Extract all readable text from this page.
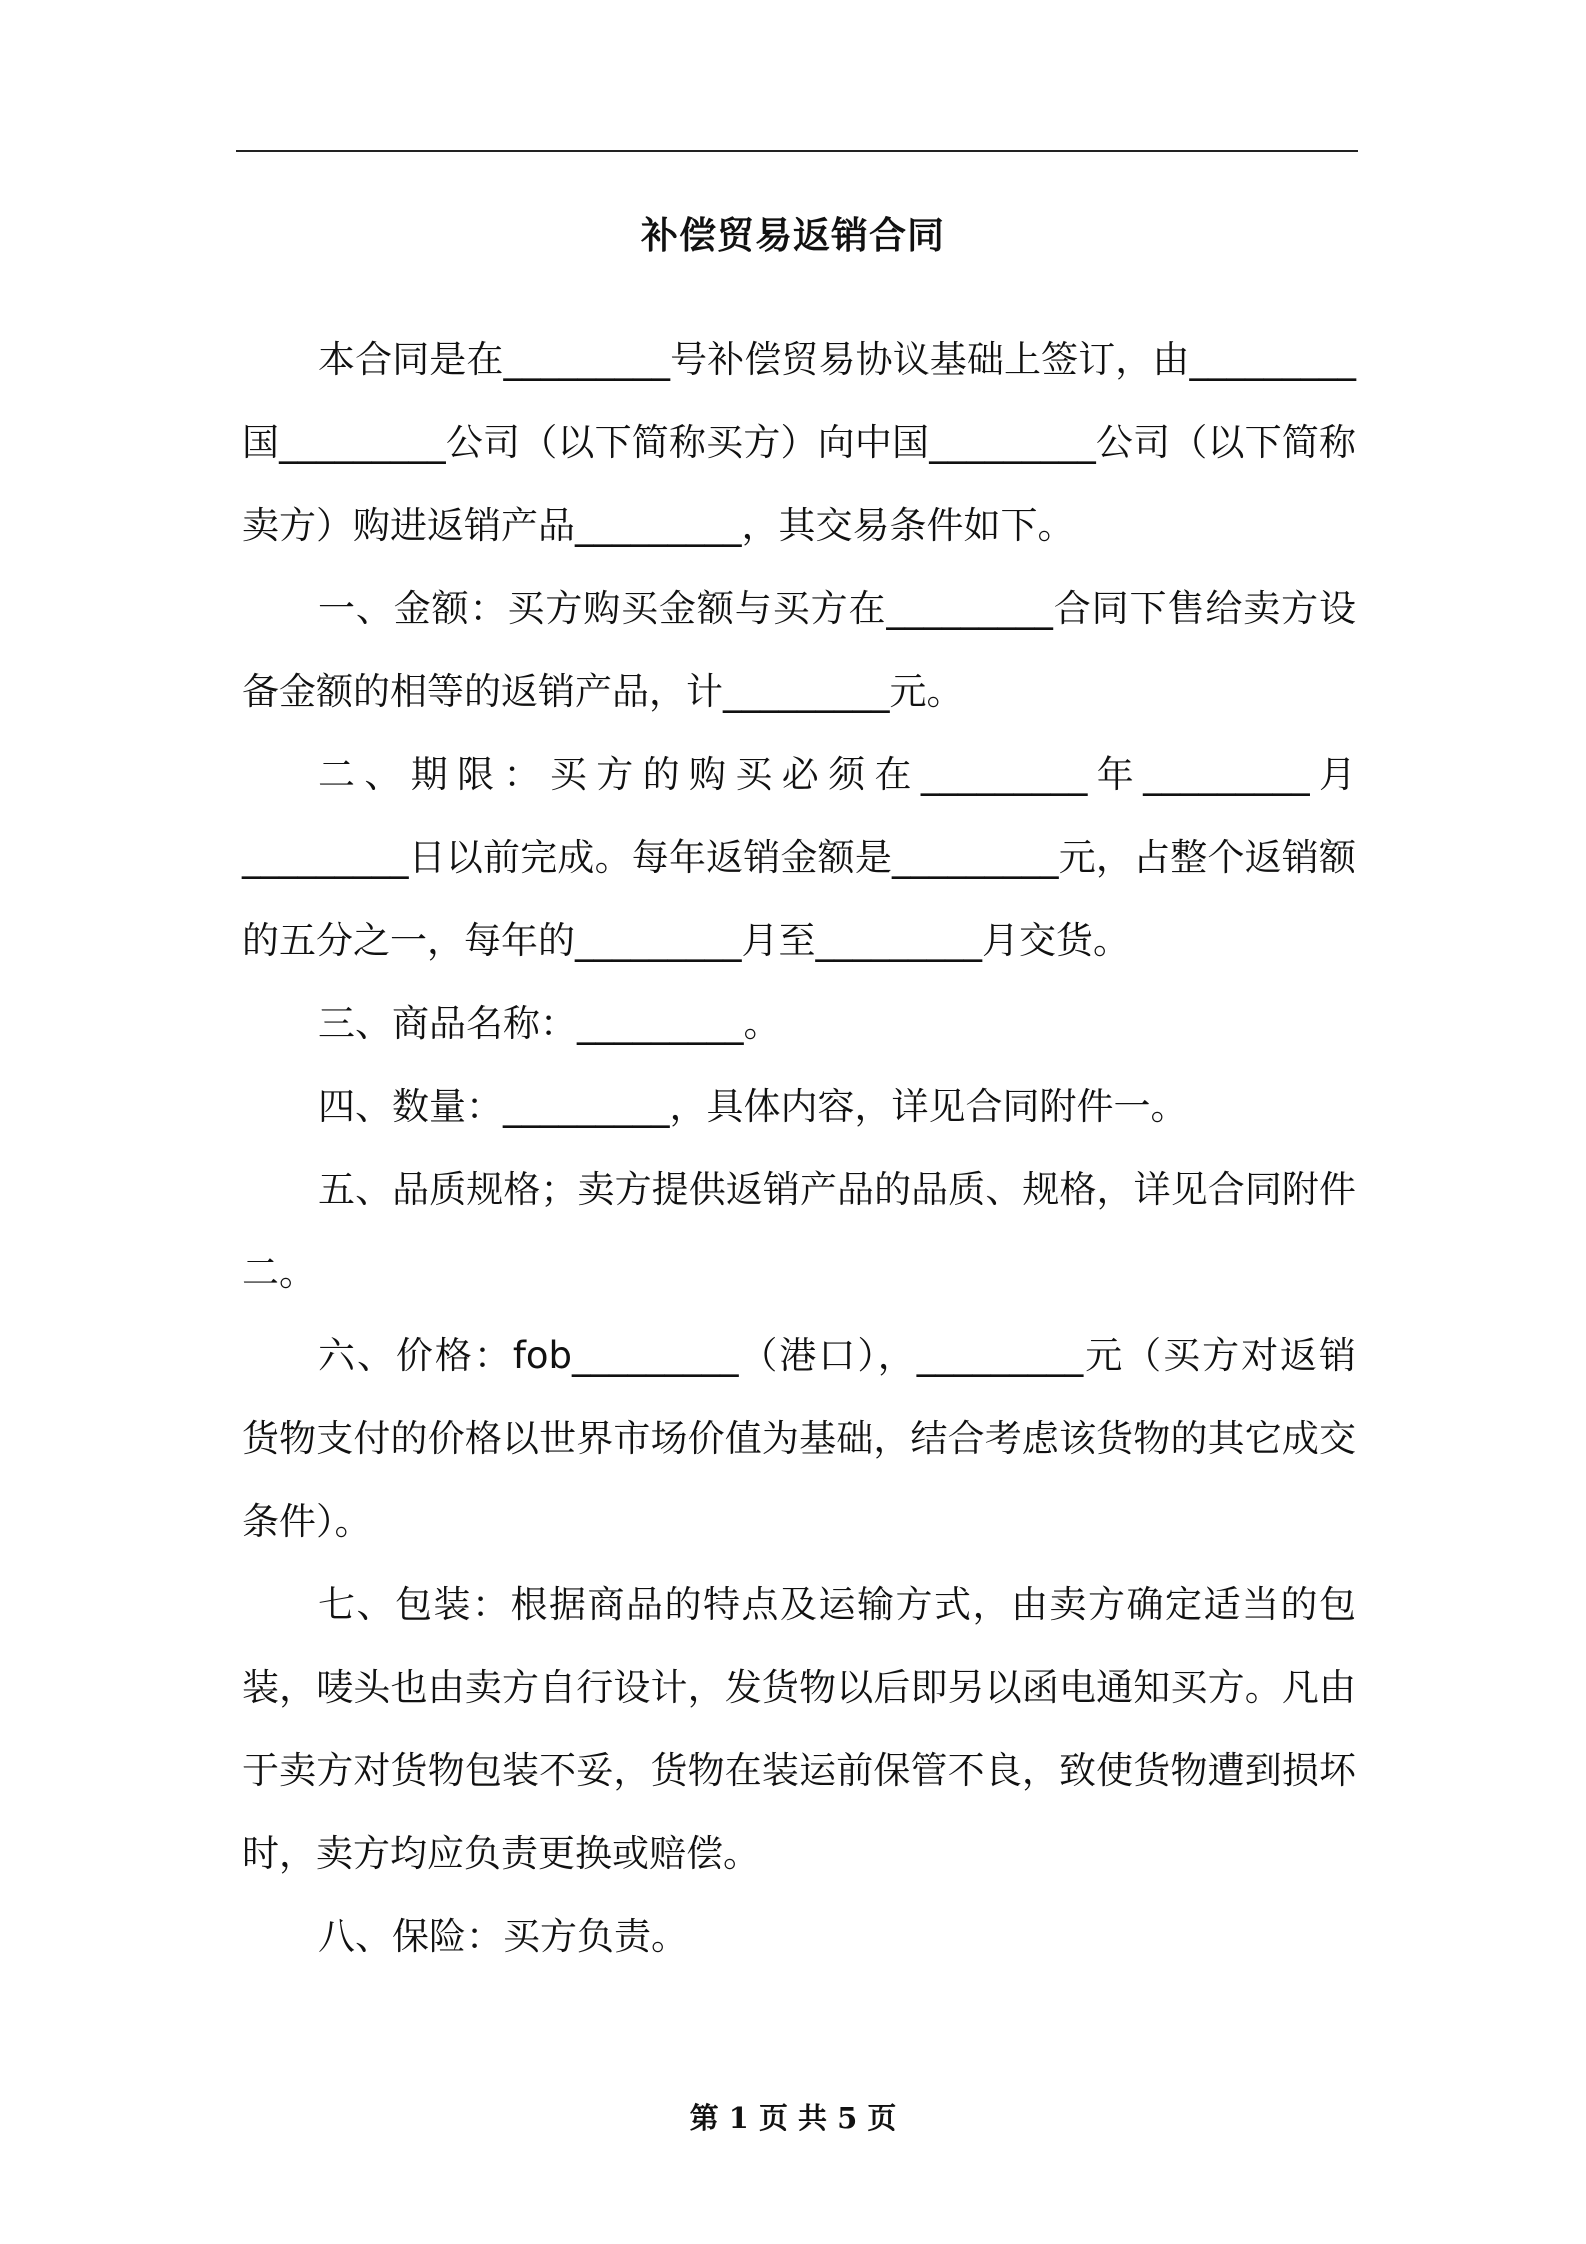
补偿贸易返销合同

本合同是在_________号补偿贸易协议基础上签订，由_________国_________公司（以下简称买方）向中国_________公司（以下简称卖方）购进返销产品_________，其交易条件如下。

一、金额：买方购买金额与买方在_________合同下售给卖方设备金额的相等的返销产品，计_________元。

二、期限：买方的购买必须在_________年_________月_________日以前完成。每年返销金额是_________元，占整个返销额的五分之一，每年的_________月至_________月交货。

三、商品名称：_________。

四、数量：_________，具体内容，详见合同附件一。

五、品质规格；卖方提供返销产品的品质、规格，详见合同附件二。

六、价格：fob_________（港口），_________元（买方对返销货物支付的价格以世界市场价值为基础，结合考虑该货物的其它成交条件）。

七、包装：根据商品的特点及运输方式，由卖方确定适当的包装，唛头也由卖方自行设计，发货物以后即另以函电通知买方。凡由于卖方对货物包装不妥，货物在装运前保管不良，致使货物遭到损坏时，卖方均应负责更换或赔偿。

八、保险：买方负责。

第 1 页 共 5 页
